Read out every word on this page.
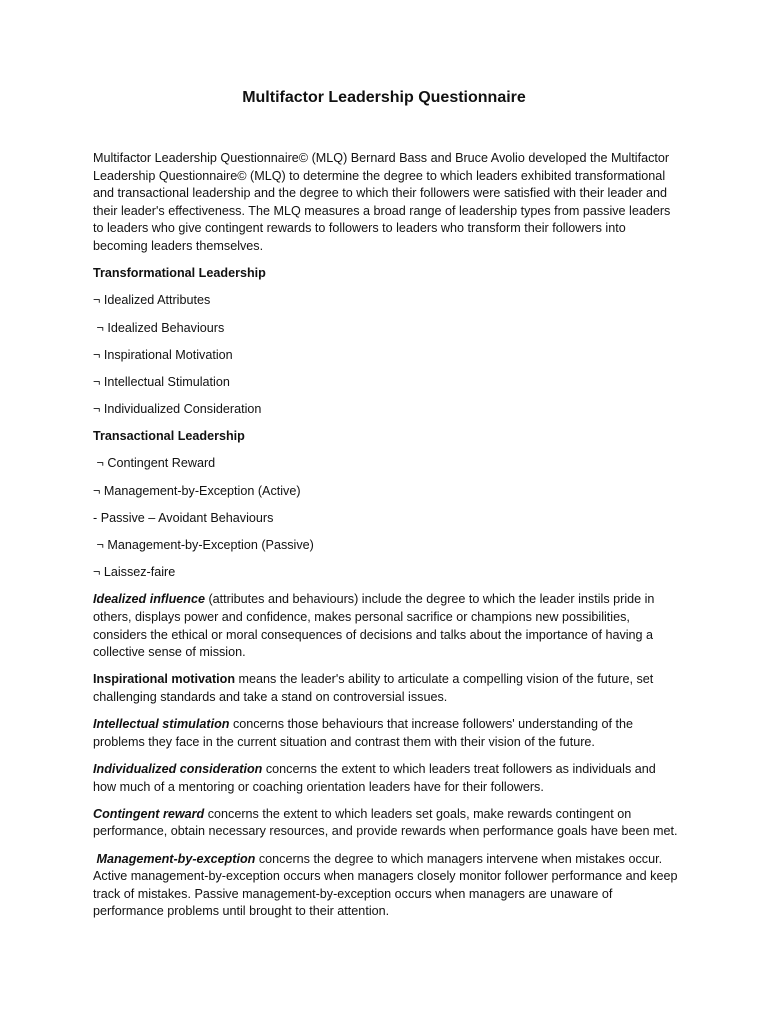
Multifactor Leadership Questionnaire

Multifactor Leadership Questionnaire© (MLQ) Bernard Bass and Bruce Avolio developed the Multifactor Leadership Questionnaire© (MLQ) to determine the degree to which leaders exhibited transformational and transactional leadership and the degree to which their followers were satisfied with their leader and their leader's effectiveness. The MLQ measures a broad range of leadership types from passive leaders to leaders who give contingent rewards to followers to leaders who transform their followers into becoming leaders themselves.

Transformational Leadership

¬ Idealized Attributes

¬ Idealized Behaviours

¬ Inspirational Motivation

¬ Intellectual Stimulation

¬ Individualized Consideration

Transactional Leadership

¬ Contingent Reward

¬ Management-by-Exception (Active)

- Passive – Avoidant Behaviours

¬ Management-by-Exception (Passive)

¬ Laissez-faire

Idealized influence (attributes and behaviours) include the degree to which the leader instils pride in others, displays power and confidence, makes personal sacrifice or champions new possibilities, considers the ethical or moral consequences of decisions and talks about the importance of having a collective sense of mission.

Inspirational motivation means the leader's ability to articulate a compelling vision of the future, set challenging standards and take a stand on controversial issues.

Intellectual stimulation concerns those behaviours that increase followers' understanding of the problems they face in the current situation and contrast them with their vision of the future.

Individualized consideration concerns the extent to which leaders treat followers as individuals and how much of a mentoring or coaching orientation leaders have for their followers.

Contingent reward concerns the extent to which leaders set goals, make rewards contingent on performance, obtain necessary resources, and provide rewards when performance goals have been met.

Management-by-exception concerns the degree to which managers intervene when mistakes occur. Active management-by-exception occurs when managers closely monitor follower performance and keep track of mistakes. Passive management-by-exception occurs when managers are unaware of performance problems until brought to their attention.
